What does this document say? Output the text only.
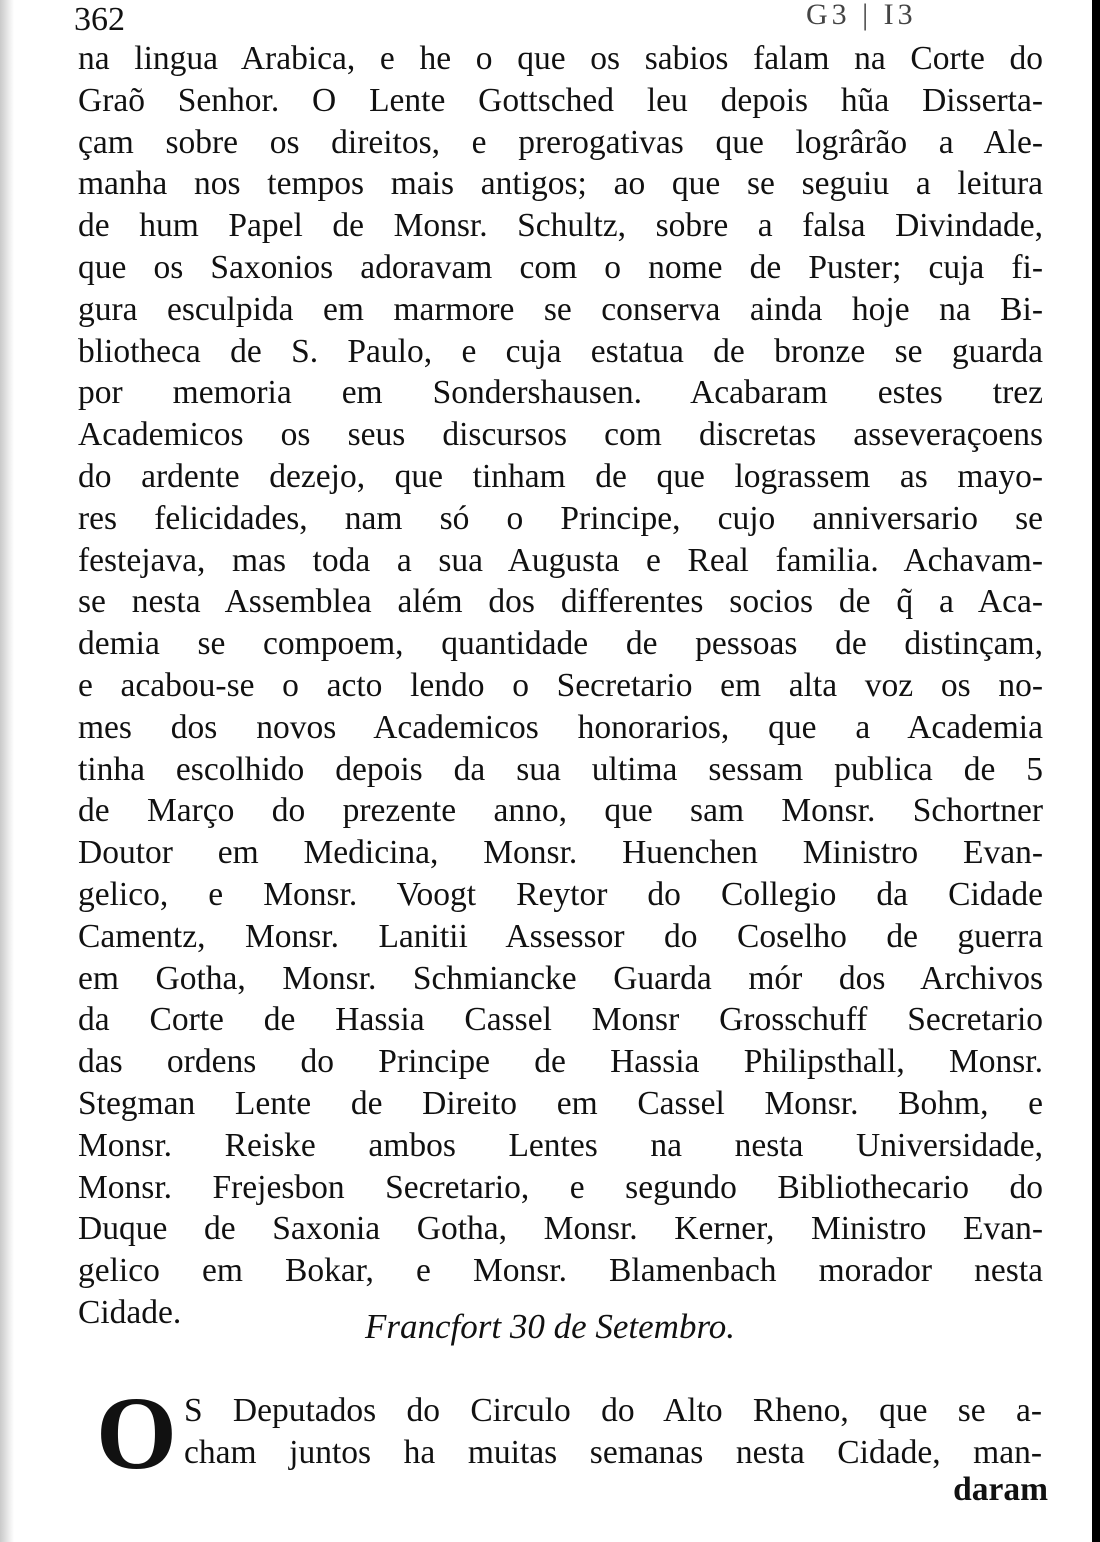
362	G3 | I3
na lingua Arabica, e he o que os sabios falam na Corte do
Graõ Senhor. O Lente Gottsched leu depois hũa Disserta-
çam sobre os direitos, e prerogativas que logrârão a Ale-
manha nos tempos mais antigos; ao que se seguiu a leitura
de hum Papel de Monsr. Schultz, sobre a falsa Divindade,
que os Saxonios adoravam com o nome de Puster; cuja fi-
gura esculpida em marmore se conserva ainda hoje na Bi-
bliotheca de S. Paulo, e cuja estatua de bronze se guarda
por memoria em Sondershausen. Acabaram estes trez
Academicos os seus discursos com discretas asseveraçoens
do ardente dezejo, que tinham de que lograssem as mayo-
res felicidades, nam só o Principe, cujo anniversario se
festejava, mas toda a sua Augusta e Real familia. Achavam-
se nesta Assemblea além dos differentes socios de q̃ a Aca-
demia se compoem, quantidade de pessoas de distinçam,
e acabou-se o acto lendo o Secretario em alta voz os no-
mes dos novos Academicos honorarios, que a Academia
tinha escolhido depois da sua ultima sessam publica de 5
de Março do prezente anno, que sam Monsr. Schortner
Doutor em Medicina, Monsr. Huenchen Ministro Evan-
gelico, e Monsr. Voogt Reytor do Collegio da Cidade
Camentz, Monsr. Lanitii Assessor do Coselho de guerra
em Gotha, Monsr. Schmiancke Guarda mór dos Archivos
da Corte de Hassia Cassel Monsr Grosschuff Secretario
das ordens do Principe de Hassia Philipsthall, Monsr.
Stegman Lente de Direito em Cassel Monsr. Bohm, e
Monsr. Reiske ambos Lentes na nesta Universidade,
Monsr. Frejesbon Secretario, e segundo Bibliothecario do
Duque de Saxonia Gotha, Monsr. Kerner, Ministro Evan-
gelico em Bokar, e Monsr. Blamenbach morador nesta
Cidade.	Francfort 30 de Setembro.
O S Deputados do Circulo do Alto Rheno, que se a-
cham juntos ha muitas semanas nesta Cidade, man-
daram
